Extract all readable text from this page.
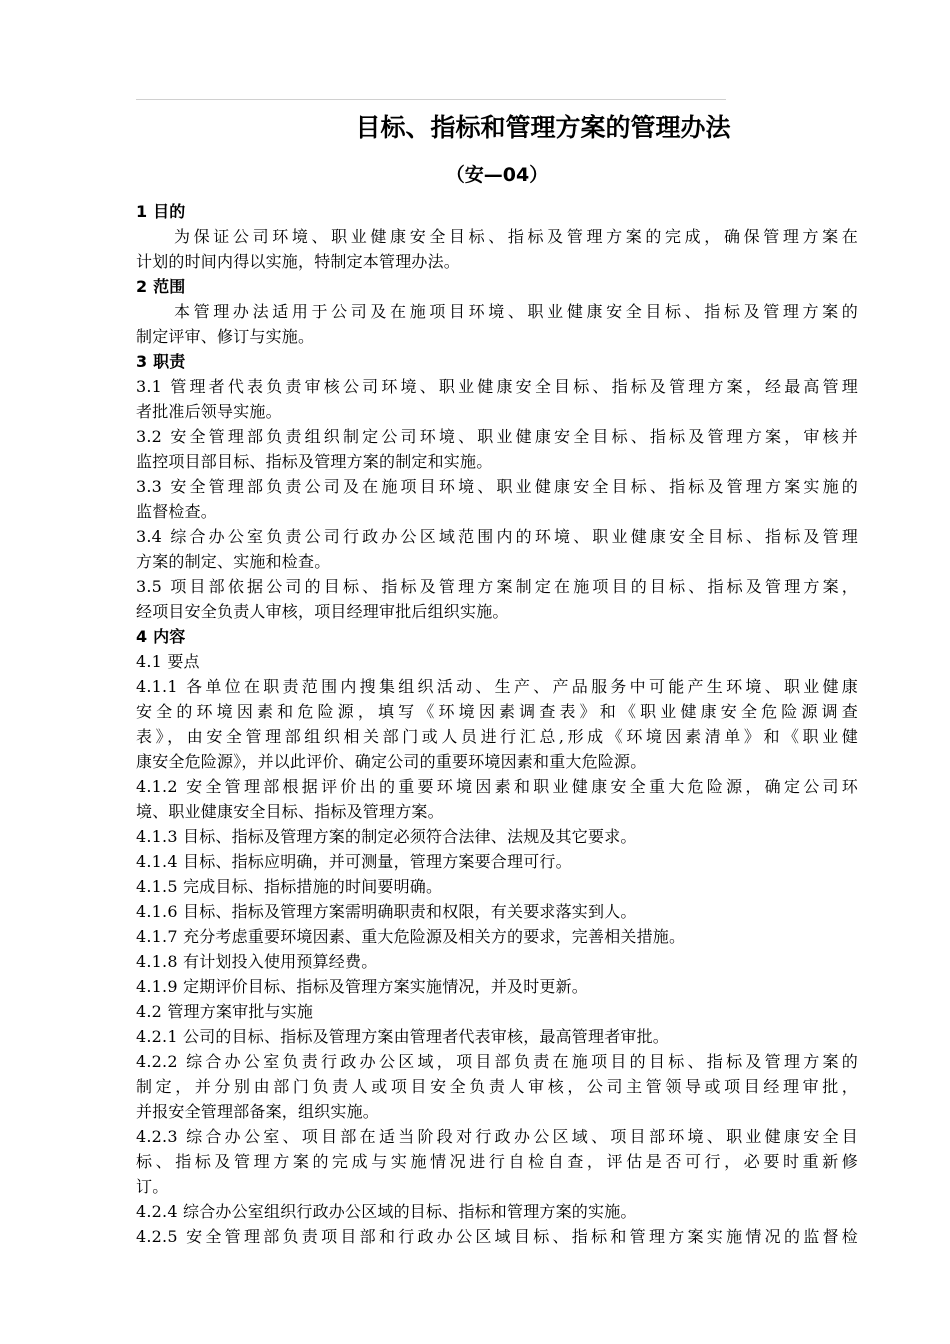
目标、指标和管理方案的管理办法
（安—04）
1 目的
为保证公司环境、职业健康安全目标、指标及管理方案的完成，确保管理方案在
计划的时间内得以实施，特制定本管理办法。
2 范围
本管理办法适用于公司及在施项目环境、职业健康安全目标、指标及管理方案的
制定评审、修订与实施。
3 职责
3.1 管理者代表负责审核公司环境、职业健康安全目标、指标及管理方案，经最高管理
者批准后领导实施。
3.2 安全管理部负责组织制定公司环境、职业健康安全目标、指标及管理方案，审核并
监控项目部目标、指标及管理方案的制定和实施。
3.3 安全管理部负责公司及在施项目环境、职业健康安全目标、指标及管理方案实施的
监督检查。
3.4 综合办公室负责公司行政办公区域范围内的环境、职业健康安全目标、指标及管理
方案的制定、实施和检查。
3.5 项目部依据公司的目标、指标及管理方案制定在施项目的目标、指标及管理方案，
经项目安全负责人审核，项目经理审批后组织实施。
4 内容
4.1 要点
4.1.1 各单位在职责范围内搜集组织活动、生产、产品服务中可能产生环境、职业健康
安全的环境因素和危险源，填写《环境因素调查表》和《职业健康安全危险源调查
表》，由安全管理部组织相关部门或人员进行汇总,形成《环境因素清单》和《职业健
康安全危险源》，并以此评价、确定公司的重要环境因素和重大危险源。
4.1.2 安全管理部根据评价出的重要环境因素和职业健康安全重大危险源，确定公司环
境、职业健康安全目标、指标及管理方案。
4.1.3 目标、指标及管理方案的制定必须符合法律、法规及其它要求。
4.1.4 目标、指标应明确，并可测量，管理方案要合理可行。
4.1.5 完成目标、指标措施的时间要明确。
4.1.6 目标、指标及管理方案需明确职责和权限，有关要求落实到人。
4.1.7 充分考虑重要环境因素、重大危险源及相关方的要求，完善相关措施。
4.1.8 有计划投入使用预算经费。
4.1.9 定期评价目标、指标及管理方案实施情况，并及时更新。
4.2 管理方案审批与实施
4.2.1 公司的目标、指标及管理方案由管理者代表审核，最高管理者审批。
4.2.2 综合办公室负责行政办公区域，项目部负责在施项目的目标、指标及管理方案的
制定，并分别由部门负责人或项目安全负责人审核，公司主管领导或项目经理审批，
并报安全管理部备案，组织实施。
4.2.3 综合办公室、项目部在适当阶段对行政办公区域、项目部环境、职业健康安全目
标、指标及管理方案的完成与实施情况进行自检自查，评估是否可行，必要时重新修
订。
4.2.4 综合办公室组织行政办公区域的目标、指标和管理方案的实施。
4.2.5 安全管理部负责项目部和行政办公区域目标、指标和管理方案实施情况的监督检
